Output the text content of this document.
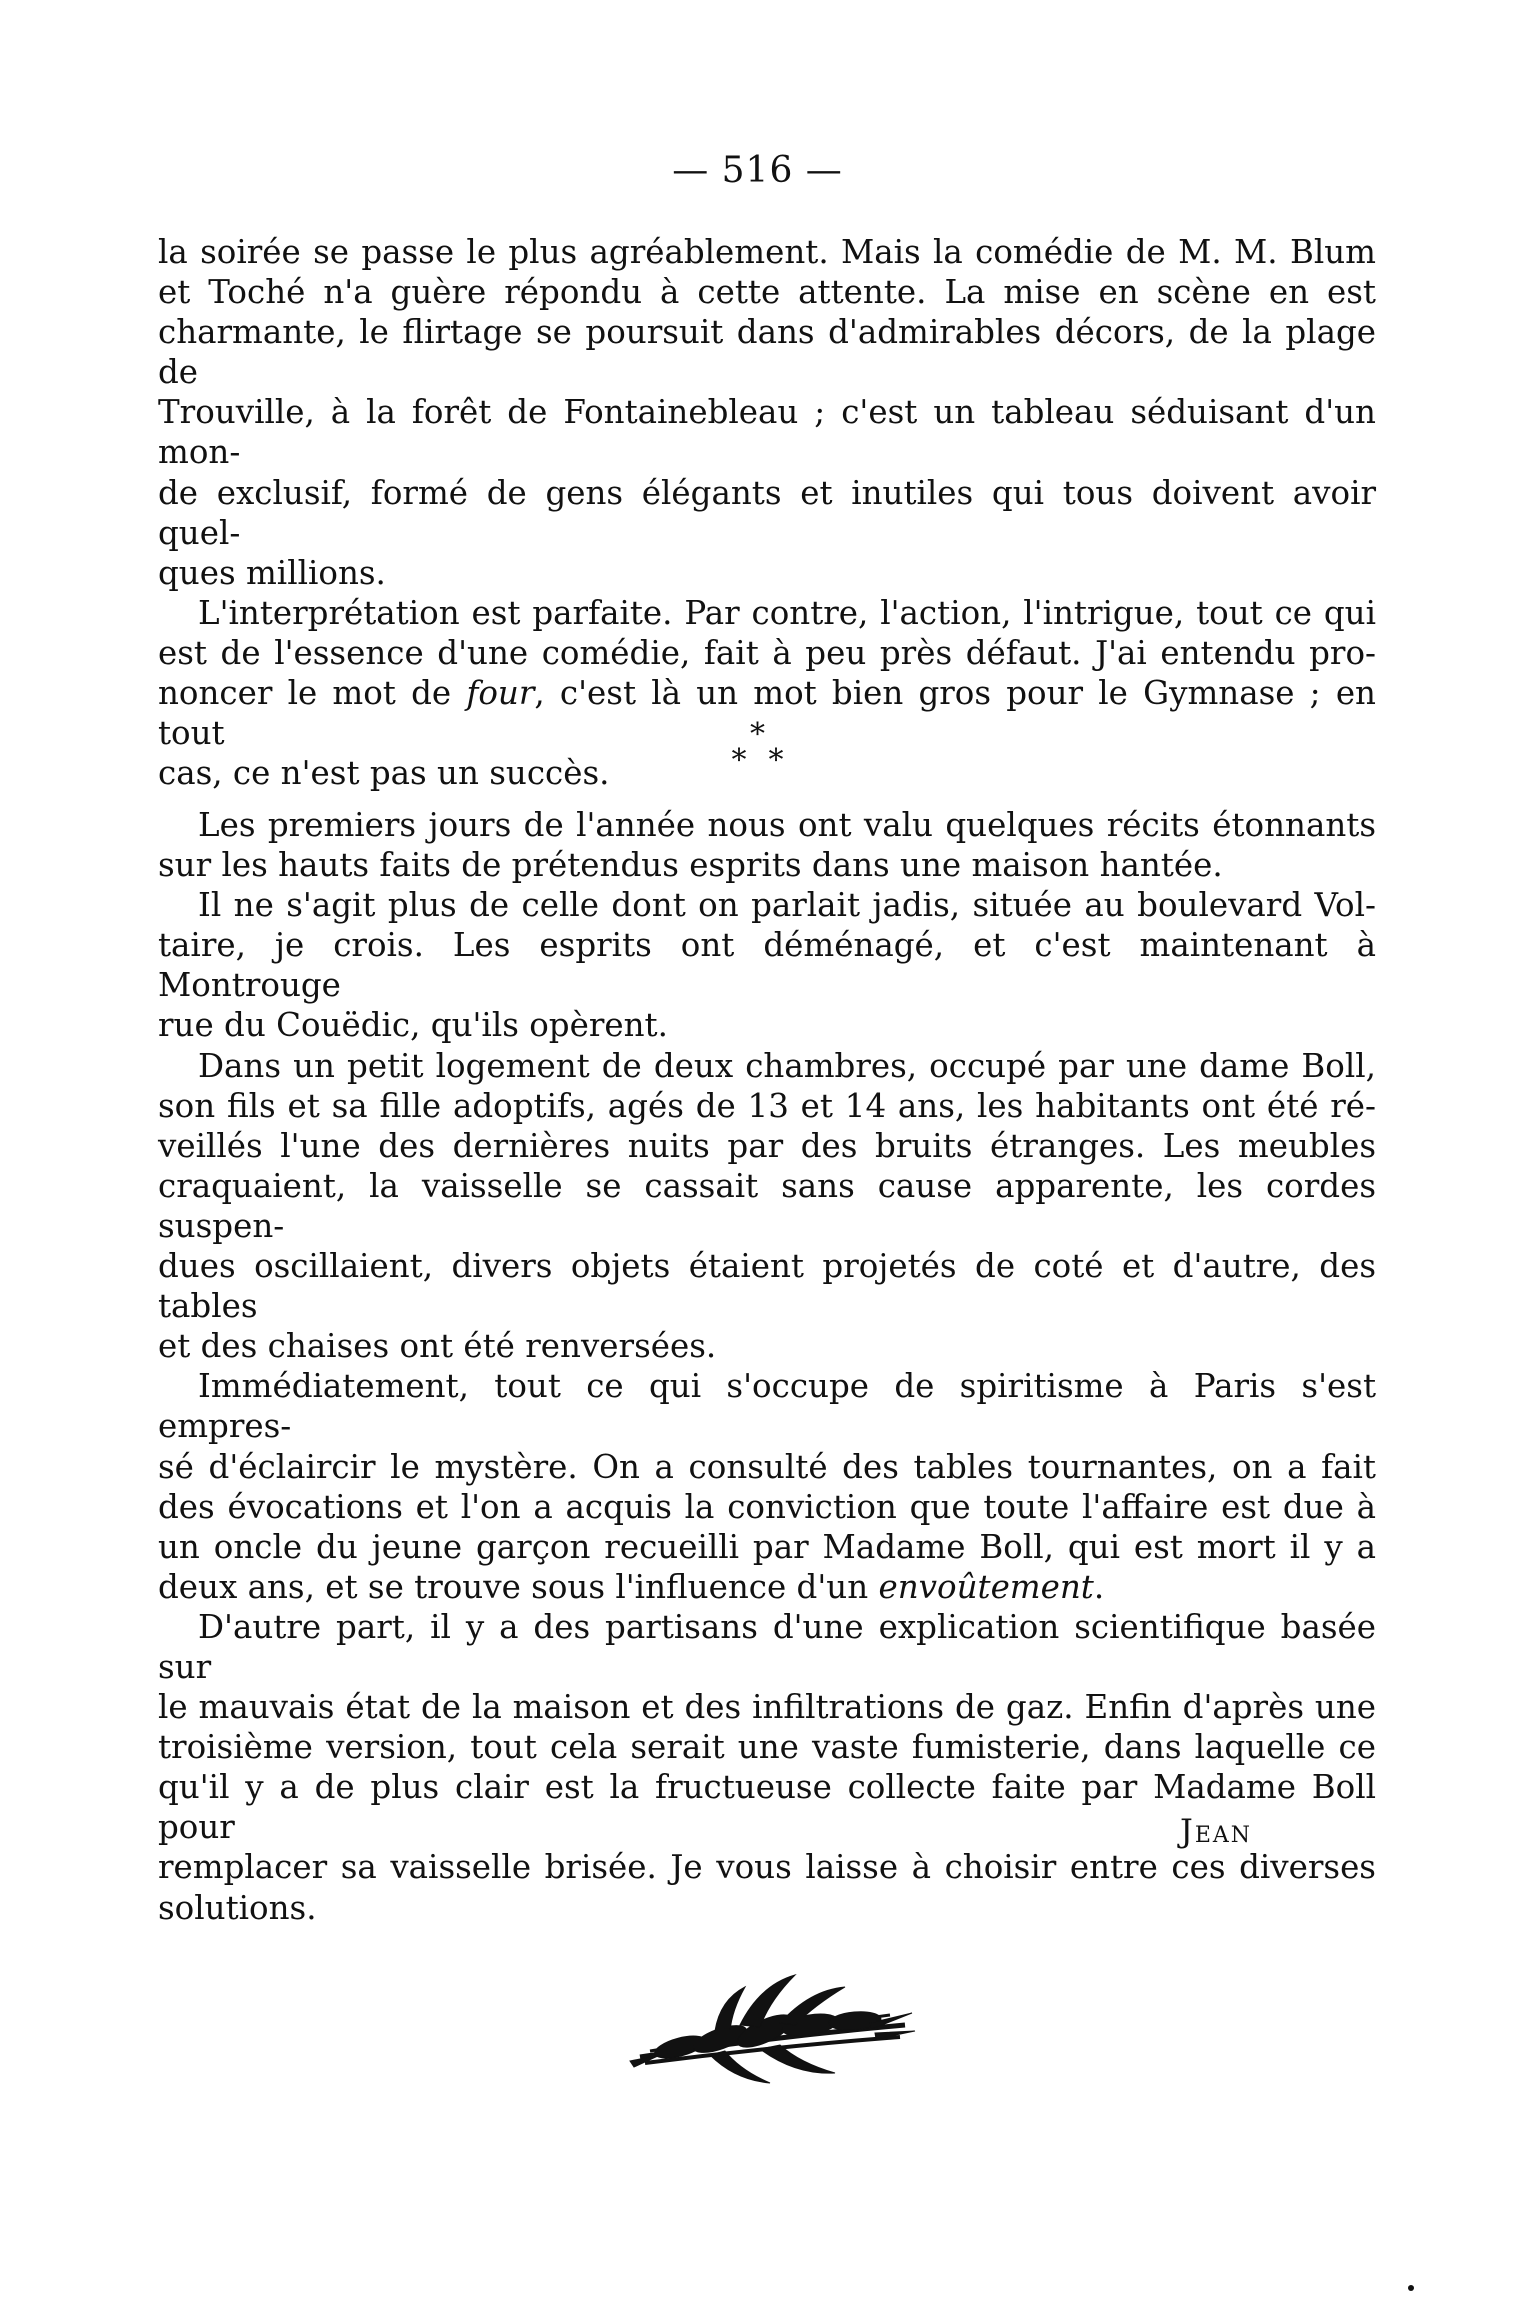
— 516 —

la soirée se passe le plus agréablement. Mais la comédie de M. M. Blum
et Toché n'a guère répondu à cette attente. La mise en scène en est
charmante, le flirtage se poursuit dans d'admirables décors, de la plage de
Trouville, à la forêt de Fontainebleau ; c'est un tableau séduisant d'un mon-
de exclusif, formé de gens élégants et inutiles qui tous doivent avoir quel-
ques millions.

L'interprétation est parfaite. Par contre, l'action, l'intrigue, tout ce qui
est de l'essence d'une comédie, fait à peu près défaut. J'ai entendu pro-
noncer le mot de four, c'est là un mot bien gros pour le Gymnase ; en tout
cas, ce n'est pas un succès.

*
**

Les premiers jours de l'année nous ont valu quelques récits étonnants
sur les hauts faits de prétendus esprits dans une maison hantée.

Il ne s'agit plus de celle dont on parlait jadis, située au boulevard Vol-
taire, je crois. Les esprits ont déménagé, et c'est maintenant à Montrouge
rue du Couëdic, qu'ils opèrent.

Dans un petit logement de deux chambres, occupé par une dame Boll,
son fils et sa fille adoptifs, agés de 13 et 14 ans, les habitants ont été ré-
veillés l'une des dernières nuits par des bruits étranges. Les meubles
craquaient, la vaisselle se cassait sans cause apparente, les cordes suspen-
dues oscillaient, divers objets étaient projetés de coté et d'autre, des tables
et des chaises ont été renversées.

Immédiatement, tout ce qui s'occupe de spiritisme à Paris s'est empres-
sé d'éclaircir le mystère. On a consulté des tables tournantes, on a fait
des évocations et l'on a acquis la conviction que toute l'affaire est due à
un oncle du jeune garçon recueilli par Madame Boll, qui est mort il y a
deux ans, et se trouve sous l'influence d'un envoûtement.

D'autre part, il y a des partisans d'une explication scientifique basée sur
le mauvais état de la maison et des infiltrations de gaz. Enfin d'après une
troisième version, tout cela serait une vaste fumisterie, dans laquelle ce
qu'il y a de plus clair est la fructueuse collecte faite par Madame Boll pour
remplacer sa vaisselle brisée. Je vous laisse à choisir entre ces diverses
solutions.

Jean
